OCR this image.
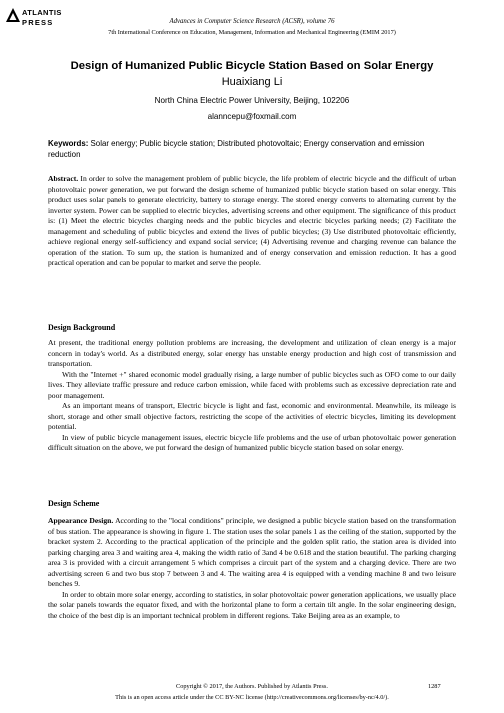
ATLANTIS
PRESS	Advances in Computer Science Research (ACSR), volume 76
7th International Conference on Education, Management, Information and Mechanical Engineering (EMIM 2017)
Design of Humanized Public Bicycle Station Based on Solar Energy
Huaixiang Li
North China Electric Power University, Beijing, 102206
alanncepu@foxmail.com
Keywords: Solar energy; Public bicycle station; Distributed photovoltaic; Energy conservation and emission reduction

Abstract. In order to solve the management problem of public bicycle, the life problem of electric bicycle and the difficult of urban photovoltaic power generation, we put forward the design scheme of humanized public bicycle station based on solar energy. This product uses solar panels to generate electricity, battery to storage energy. The stored energy converts to alternating current by the inverter system. Power can be supplied to electric bicycles, advertising screens and other equipment. The significance of this product is: (1) Meet the electric bicycles charging needs and the public bicycles and electric bicycles parking needs; (2) Facilitate the management and scheduling of public bicycles and extend the lives of public bicycles; (3) Use distributed photovoltaic efficiently, achieve regional energy self-sufficiency and expand social service; (4) Advertising revenue and charging revenue can balance the operation of the station. To sum up, the station is humanized and of energy conservation and emission reduction. It has a good practical operation and can be popular to market and serve the people.

Design Background

At present, the traditional energy pollution problems are increasing, the development and utilization of clean energy is a major concern in today's world. As a distributed energy, solar energy has unstable energy production and high cost of transmission and transportation.

With the "Internet +" shared economic model gradually rising, a large number of public bicycles such as OFO come to our daily lives. They alleviate traffic pressure and reduce carbon emission, while faced with problems such as excessive depreciation rate and poor management.

As an important means of transport, Electric bicycle is light and fast, economic and environmental. Meanwhile, its mileage is short, storage and other small objective factors, restricting the scope of the activities of electric bicycles, limiting its development potential.

In view of public bicycle management issues, electric bicycle life problems and the use of urban photovoltaic power generation difficult situation on the above, we put forward the design of humanized public bicycle station based on solar energy.

Design Scheme

Appearance Design. According to the "local conditions" principle, we designed a public bicycle station based on the transformation of bus station. The appearance is showing in figure 1. The station uses the solar panels 1 as the ceiling of the station, supported by the bracket system 2. According to the practical application of the principle and the golden split ratio, the station area is divided into parking charging area 3 and waiting area 4, making the width ratio of 3and 4 be 0.618 and the station beautiful. The parking charging area 3 is provided with a circuit arrangement 5 which comprises a circuit part of the system and a charging device. There are two advertising screen 6 and two bus stop 7 between 3 and 4. The waiting area 4 is equipped with a vending machine 8 and two leisure benches 9.

In order to obtain more solar energy, according to statistics, in solar photovoltaic power generation applications, we usually place the solar panels towards the equator fixed, and with the horizontal plane to form a certain tilt angle. In the solar engineering design, the choice of the best dip is an important technical problem in different regions. Take Beijing area as an example, to

Copyright © 2017, the Authors. Published by Atlantis Press.	1287
This is an open access article under the CC BY-NC license (http://creativecommons.org/licenses/by-nc/4.0/).
